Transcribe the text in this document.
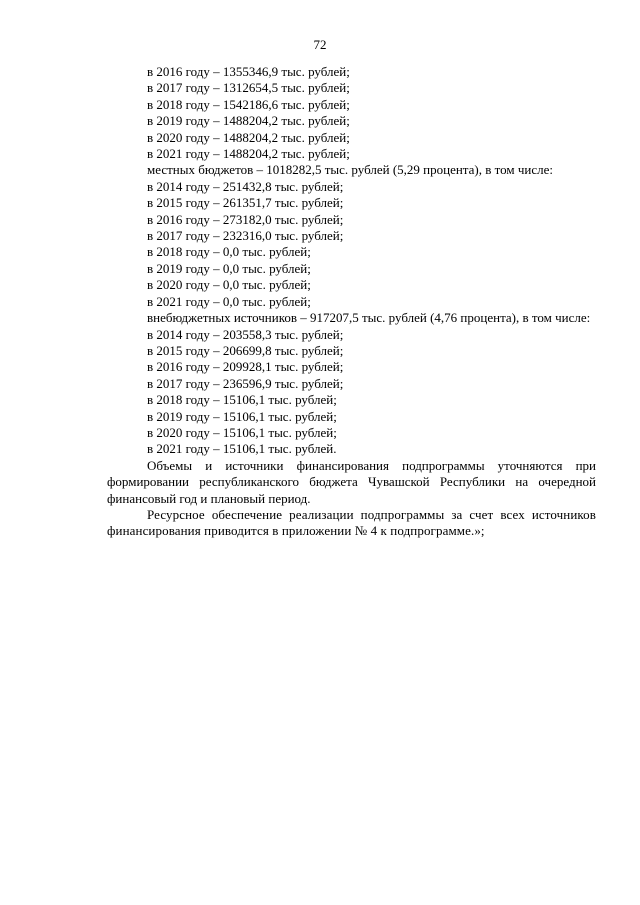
72
в 2016 году – 1355346,9 тыс. рублей;
в 2017 году – 1312654,5 тыс. рублей;
в 2018 году – 1542186,6 тыс. рублей;
в 2019 году – 1488204,2 тыс. рублей;
в 2020 году – 1488204,2 тыс. рублей;
в 2021 году – 1488204,2 тыс. рублей;
местных бюджетов – 1018282,5 тыс. рублей (5,29 процента), в том числе:
в 2014 году – 251432,8 тыс. рублей;
в 2015 году – 261351,7 тыс. рублей;
в 2016 году – 273182,0 тыс. рублей;
в 2017 году – 232316,0 тыс. рублей;
в 2018 году – 0,0 тыс. рублей;
в 2019 году – 0,0 тыс. рублей;
в 2020 году – 0,0 тыс. рублей;
в 2021 году – 0,0 тыс. рублей;

внебюджетных источников – 917207,5 тыс. рублей (4,76 процента), в том числе:

в 2014 году – 203558,3 тыс. рублей;
в 2015 году – 206699,8 тыс. рублей;
в 2016 году – 209928,1 тыс. рублей;
в 2017 году – 236596,9 тыс. рублей;
в 2018 году – 15106,1 тыс. рублей;
в 2019 году – 15106,1 тыс. рублей;
в 2020 году – 15106,1 тыс. рублей;
в 2021 году – 15106,1 тыс. рублей.

Объемы и источники финансирования подпрограммы уточняются при формировании республиканского бюджета Чувашской Республики на очередной финансовый год и плановый период.

Ресурсное обеспечение реализации подпрограммы за счет всех источников финансирования приводится в приложении № 4 к подпрограмме.»;
